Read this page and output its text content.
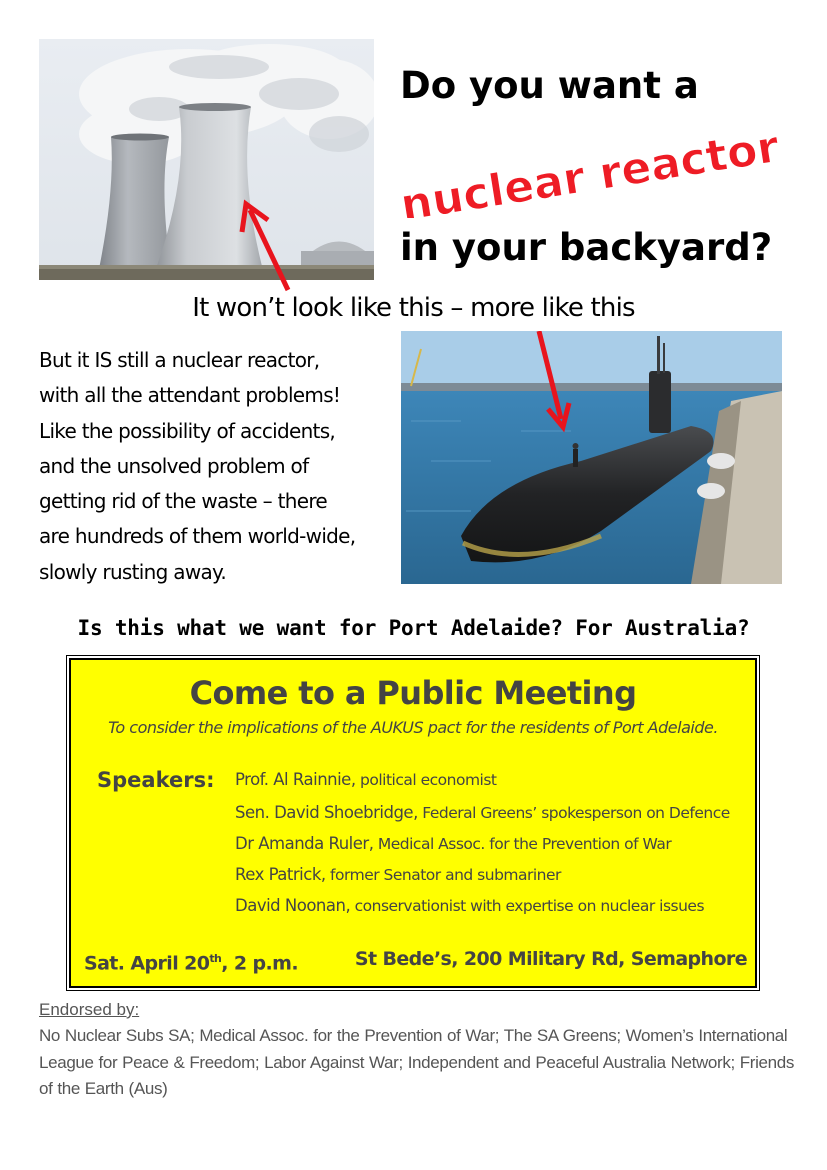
Do you want a
nuclear reactor
in your backyard?
It won’t look like this – more like this
But it IS still a nuclear reactor,
with all the attendant problems!
Like the possibility of accidents,
and the unsolved problem of
getting rid of the waste – there
are hundreds of them world-wide,
slowly rusting away.
Is this what we want for Port Adelaide? For Australia?
Come to a Public Meeting
To consider the implications of the AUKUS pact for the residents of Port Adelaide.
Speakers: Prof. Al Rainnie, political economist
Sen. David Shoebridge, Federal Greens’ spokesperson on Defence
Dr Amanda Ruler, Medical Assoc. for the Prevention of War
Rex Patrick, former Senator and submariner
David Noonan, conservationist with expertise on nuclear issues
Sat. April 20th, 2 p.m.	St Bede’s, 200 Military Rd, Semaphore
Endorsed by:
No Nuclear Subs SA; Medical Assoc. for the Prevention of War; The SA Greens; Women’s International League for Peace & Freedom; Labor Against War; Independent and Peaceful Australia Network; Friends of the Earth (Aus)
